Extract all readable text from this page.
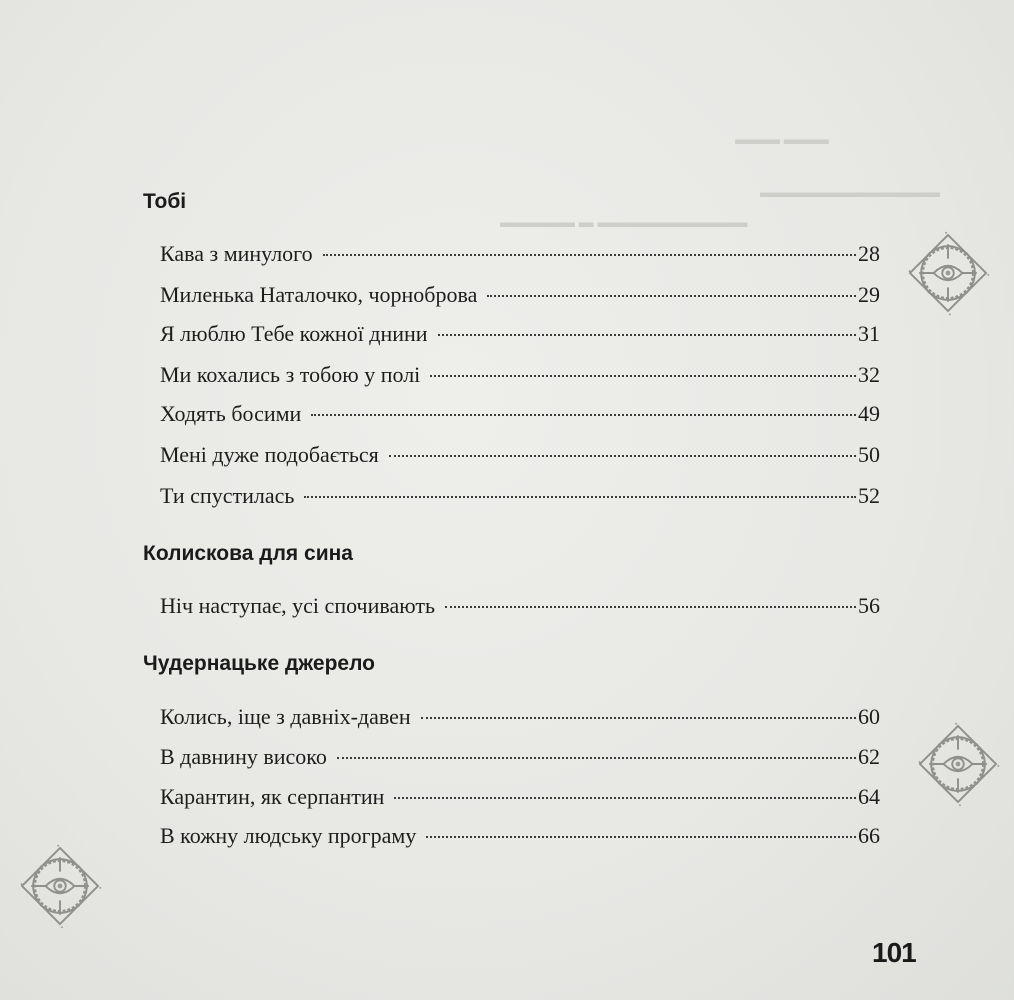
▬▬▬ ▬▬▬
▬▬▬▬▬▬▬▬▬▬▬▬
▬▬▬▬▬ ▬ ▬▬▬▬▬▬▬▬▬▬
Тобі
Кава з минулого	28
Миленька Наталочко, чорноброва	29
Я люблю Тебе кожної днини	31
Ми кохались з тобою у полі	32
Ходять босими	49
Мені дуже подобається	50
Ти спустилась	52
Колискова для сина
Ніч наступає, усі спочивають	56
Чудернацьке джерело
Колись, іще з давніх-давен	60
В давнину високо	62
Карантин, як серпантин	64
В кожну людську програму	66
101
